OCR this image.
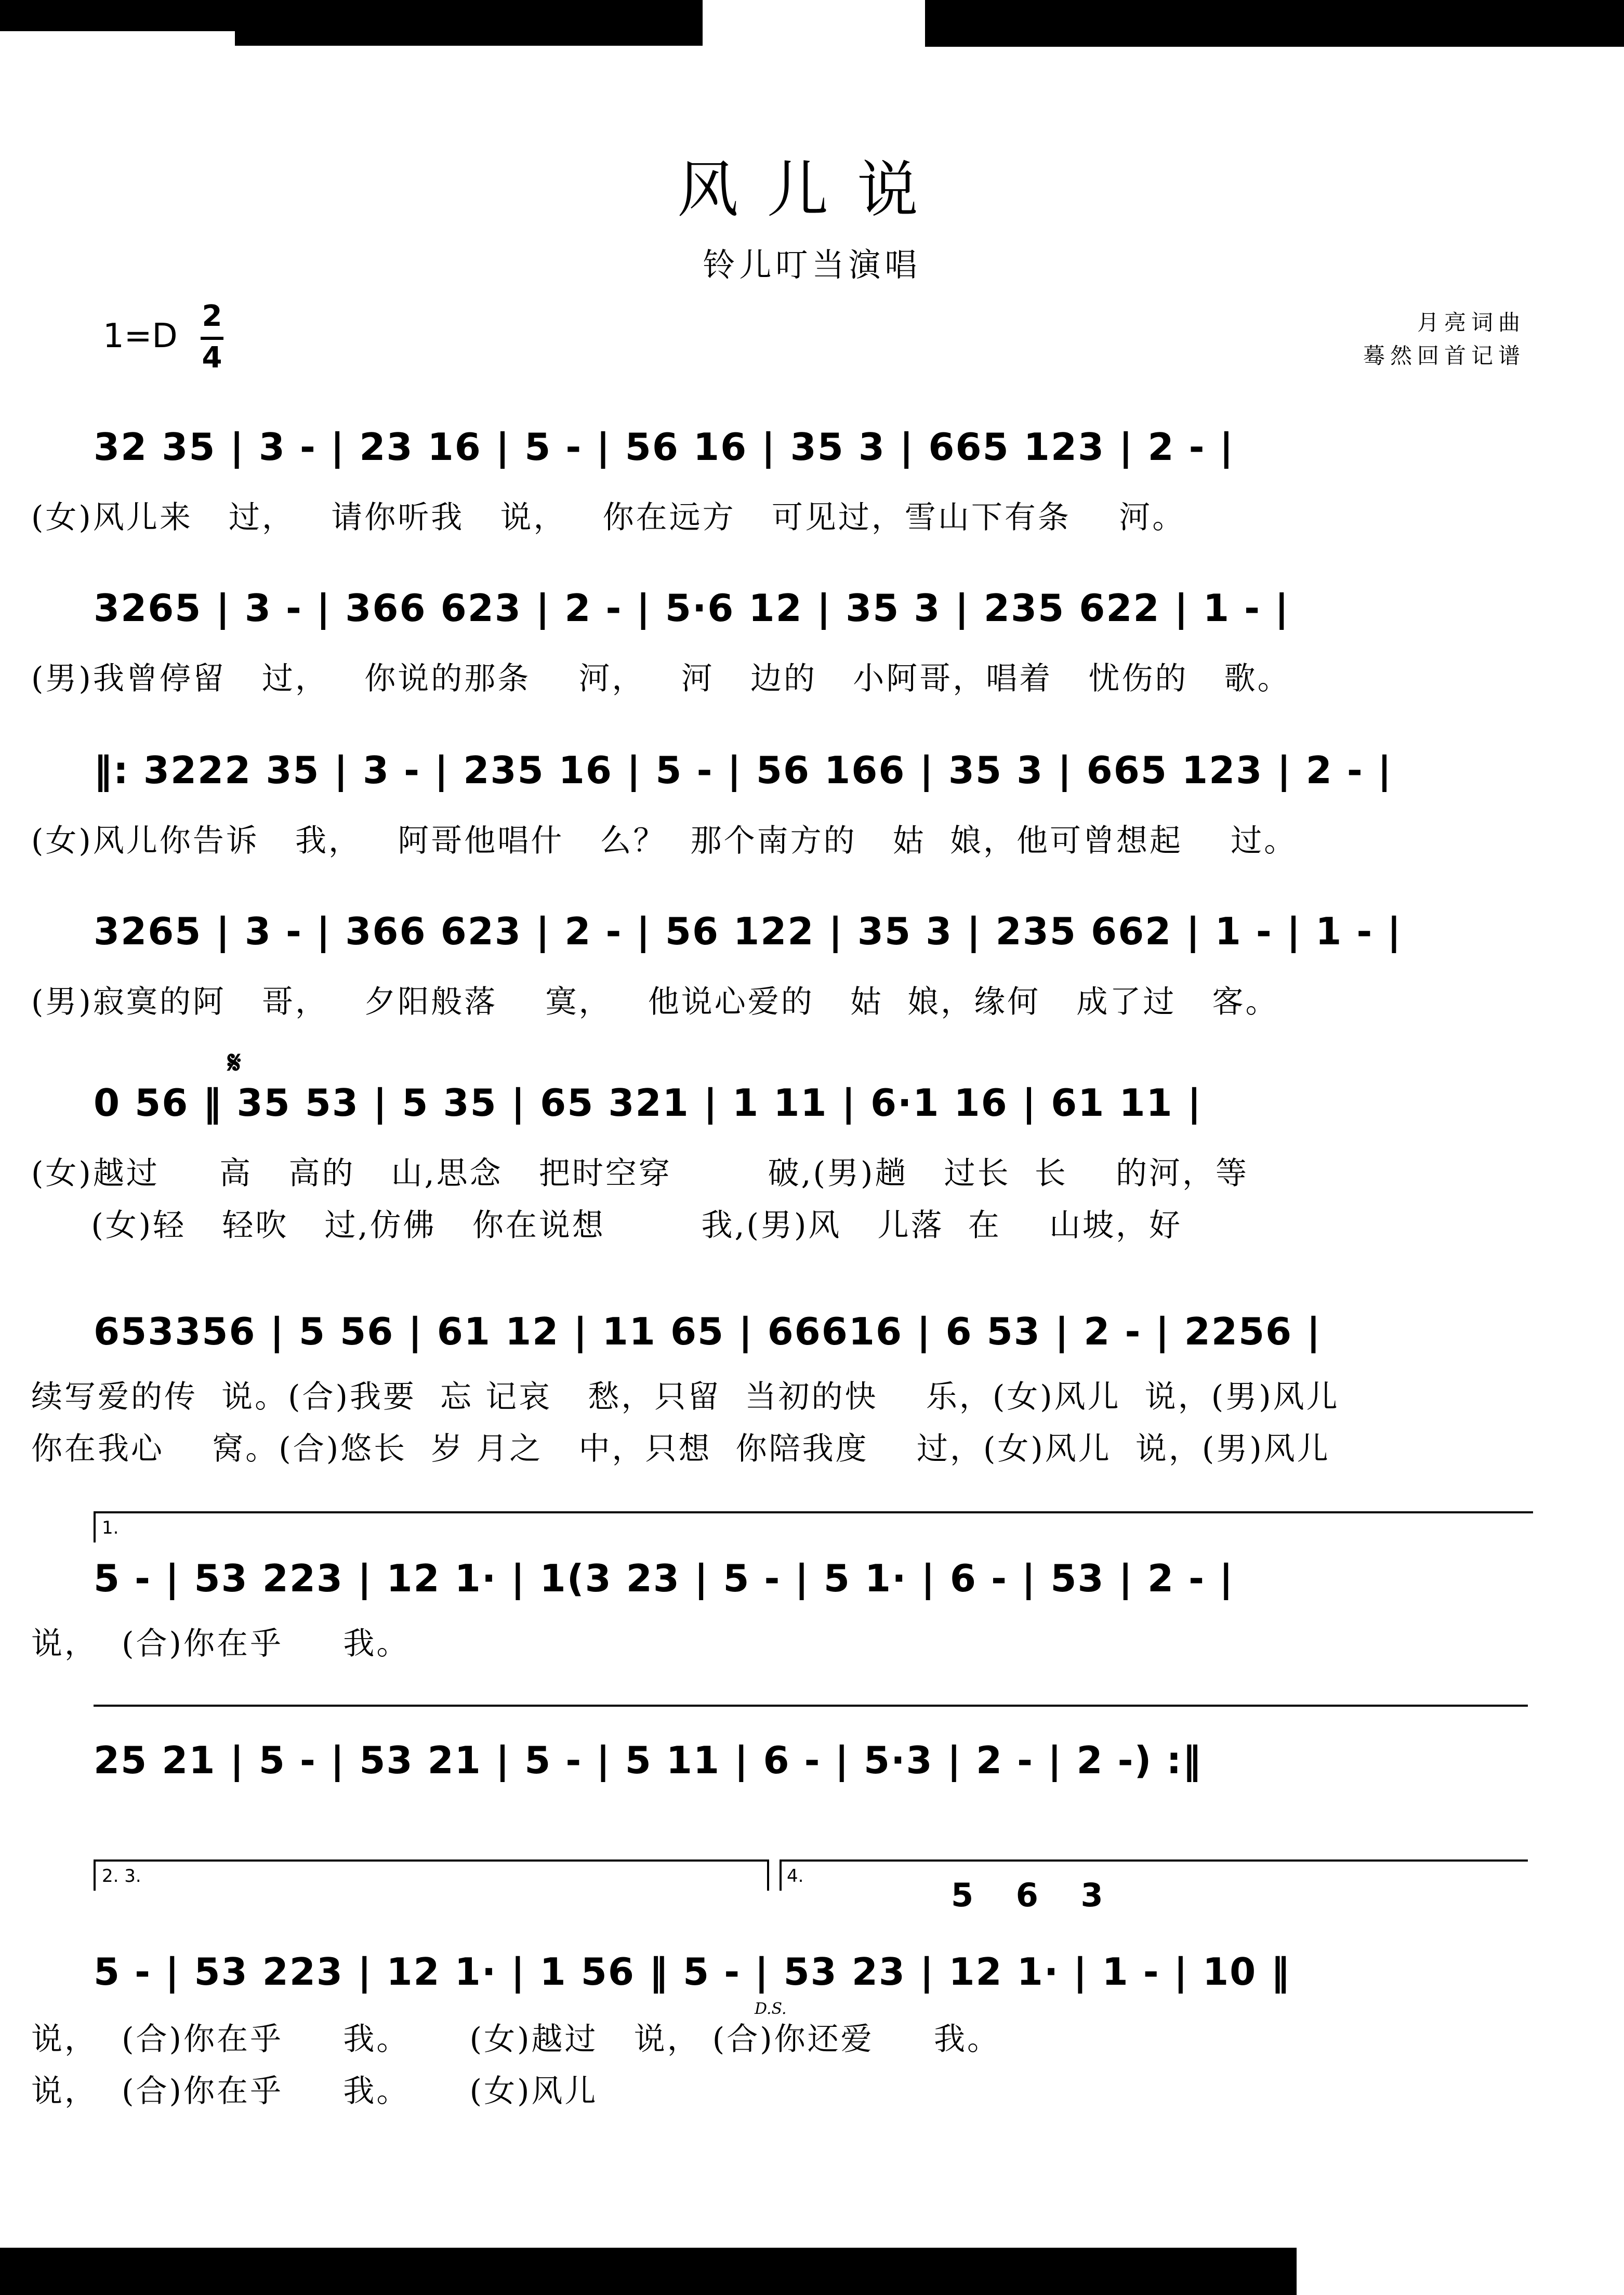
风儿说
铃儿叮当演唱
月亮词曲
蓦然回首记谱
1=D
2
4
32 35 | 3 - | 23 16 | 5 - | 56 16 | 35 3 | 665 123 | 2 - |
(女)风儿来   过，   请你听我   说，   你在远方   可见过，雪山下有条    河。
3265 | 3 - | 366 623 | 2 - | 5·6 12 | 35 3 | 235 622 | 1 - |
(男)我曾停留   过，   你说的那条    河，   河   边的   小阿哥，唱着   忧伤的   歌。
‖: 3222 35 | 3 - | 235 16 | 5 - | 56 166 | 35 3 | 665 123 | 2 - |
(女)风儿你告诉   我，   阿哥他唱什   么？  那个南方的   姑  娘，他可曾想起    过。
3265 | 3 - | 366 623 | 2 - | 56 122 | 35 3 | 235 662 | 1 - | 1 - |
(男)寂寞的阿   哥，   夕阳般落    寞，   他说心爱的   姑  娘，缘何   成了过   客。
𝄋
0 56 ‖ 35 53 | 5 35 | 65 321 | 1 11 | 6·1 16 | 61 11 |
(女)越过     高   高的   山,思念   把时空穿        破,(男)趟   过长  长    的河，等
(女)轻   轻吹   过,仿佛   你在说想        我,(男)风   儿落  在    山坡，好
653356 | 5 56 | 61 12 | 11 65 | 66616 | 6 53 | 2 - | 2256 |
续写爱的传  说。(合)我要  忘 记哀   愁，只留  当初的快    乐，(女)风儿  说，(男)风儿
你在我心    窝。(合)悠长  岁 月之   中，只想  你陪我度    过，(女)风儿  说，(男)风儿
1.
5 - | 53 223 | 12 1· | 1(3 23 | 5 - | 5 1· | 6 - | 53 | 2 - |
说，  (合)你在乎     我。
25 21 | 5 - | 53 21 | 5 - | 5 11 | 6 - | 5·3 | 2 - | 2 -) :‖
2. 3.	4.	5 6 3
5 - | 53 223 | 12 1· | 1 56 ‖ 5 - | 53 23 | 12 1· | 1 - | 10 ‖
D.S.
说，  (合)你在乎     我。     (女)越过   说， (合)你还爱     我。
说，  (合)你在乎     我。     (女)风儿
